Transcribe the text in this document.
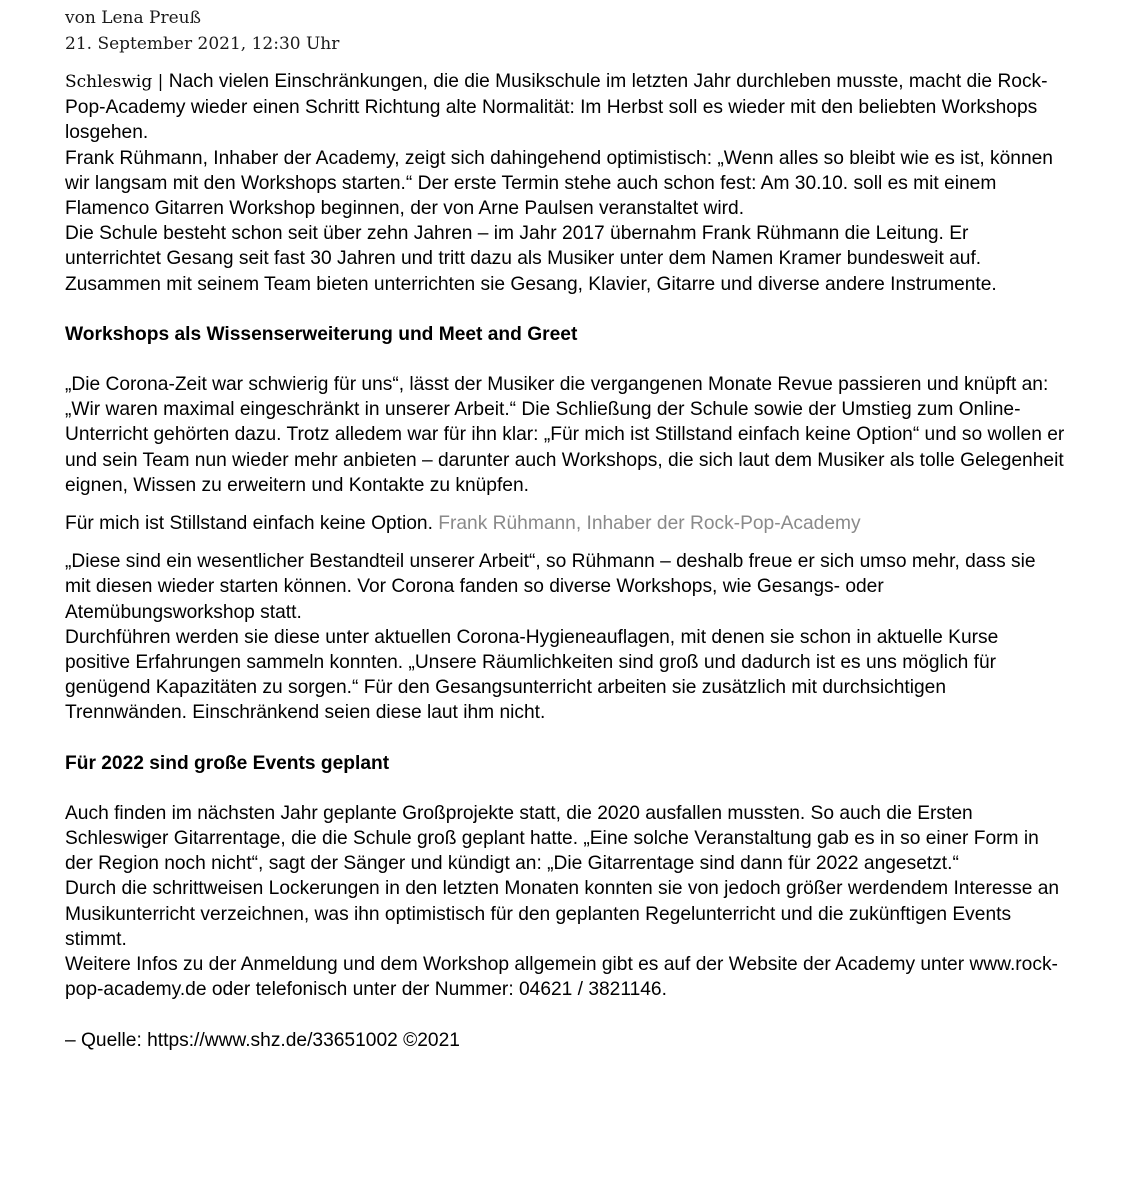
von Lena Preuß
21. September 2021, 12:30 Uhr

Schleswig | Nach vielen Einschränkungen, die die Musikschule im letzten Jahr durchleben musste, macht die Rock-Pop-Academy wieder einen Schritt Richtung alte Normalität: Im Herbst soll es wieder mit den beliebten Workshops losgehen.

Frank Rühmann, Inhaber der Academy, zeigt sich dahingehend optimistisch: „Wenn alles so bleibt wie es ist, können wir langsam mit den Workshops starten.“ Der erste Termin stehe auch schon fest: Am 30.10. soll es mit einem Flamenco Gitarren Workshop beginnen, der von Arne Paulsen veranstaltet wird.

Die Schule besteht schon seit über zehn Jahren – im Jahr 2017 übernahm Frank Rühmann die Leitung. Er unterrichtet Gesang seit fast 30 Jahren und tritt dazu als Musiker unter dem Namen Kramer bundesweit auf. Zusammen mit seinem Team bieten unterrichten sie Gesang, Klavier, Gitarre und diverse andere Instrumente.

Workshops als Wissenserweiterung und Meet and Greet

„Die Corona-Zeit war schwierig für uns“, lässt der Musiker die vergangenen Monate Revue passieren und knüpft an: „Wir waren maximal eingeschränkt in unserer Arbeit.“ Die Schließung der Schule sowie der Umstieg zum Online-Unterricht gehörten dazu. Trotz alledem war für ihn klar: „Für mich ist Stillstand einfach keine Option“ und so wollen er und sein Team nun wieder mehr anbieten – darunter auch Workshops, die sich laut dem Musiker als tolle Gelegenheit eignen, Wissen zu erweitern und Kontakte zu knüpfen.

Für mich ist Stillstand einfach keine Option. Frank Rühmann, Inhaber der Rock-Pop-Academy

„Diese sind ein wesentlicher Bestandteil unserer Arbeit“, so Rühmann – deshalb freue er sich umso mehr, dass sie mit diesen wieder starten können. Vor Corona fanden so diverse Workshops, wie Gesangs- oder Atemübungsworkshop statt.

Durchführen werden sie diese unter aktuellen Corona-Hygieneauflagen, mit denen sie schon in aktuelle Kurse positive Erfahrungen sammeln konnten. „Unsere Räumlichkeiten sind groß und dadurch ist es uns möglich für genügend Kapazitäten zu sorgen.“ Für den Gesangsunterricht arbeiten sie zusätzlich mit durchsichtigen Trennwänden. Einschränkend seien diese laut ihm nicht.

Für 2022 sind große Events geplant

Auch finden im nächsten Jahr geplante Großprojekte statt, die 2020 ausfallen mussten. So auch die Ersten Schleswiger Gitarrentage, die die Schule groß geplant hatte. „Eine solche Veranstaltung gab es in so einer Form in der Region noch nicht“, sagt der Sänger und kündigt an: „Die Gitarrentage sind dann für 2022 angesetzt.“

Durch die schrittweisen Lockerungen in den letzten Monaten konnten sie von jedoch größer werdendem Interesse an Musikunterricht verzeichnen, was ihn optimistisch für den geplanten Regelunterricht und die zukünftigen Events stimmt.

Weitere Infos zu der Anmeldung und dem Workshop allgemein gibt es auf der Website der Academy unter www.rock-pop-academy.de oder telefonisch unter der Nummer: 04621 / 3821146.

– Quelle: https://www.shz.de/33651002 ©2021
